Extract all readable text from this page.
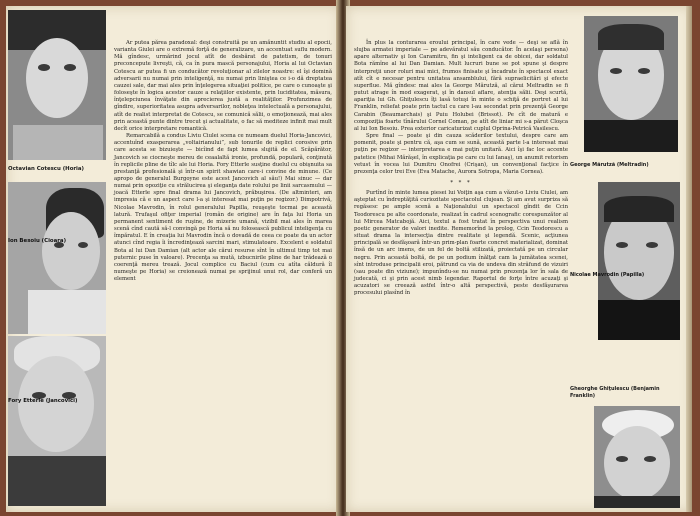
Octavian Cotescu (Horia)

Ar putea părea paradoxal: deşi construită pe un amănuntit studiu al epocii, varianta Giulei are o extremă forţă de generalizare, un accentuat suflu modern. Mă gîndesc, urmărind jocul atît de desbărat de patetism, de tonuri preconcepute livreşti, că, ca în pura mască personajului, Horia al lui Octavian Cotescu ar putea fi un conducător revoluţionar al zilelor noastre: el îşi domină adversarii nu numai prin inteligenţă, nu numai prin liniştea ce i-o dă dreptatea cauzei sale, dar mai ales prin înţelegerea situaţiei politice, pe care o cunoaşte şi foloseşte în logica acestor cauze a relaţiilor existente, prin luciditatea, măsura, înţelepciunea învăţate din aprecierea justă a realităţilor. Profunzimea de gîndire, superioritatea asupra adversarilor, nobleţea intelectuală a personajului, atît de realist interpretat de Cotescu, se comunică sălii, o emoţionează, mai ales prin această punte dintre trecut şi actualitate, o fac să mediteze infinit mai mult decît orice interpretare romantică.

Remarcabilă a condus Liviu Ciulei scena ce numeam duelul Horia-Jancovici, accentuînd exasperarea „voltairianului”, sub tonurile de replici corosive prin care acesta se bizuieşte — bicîind de fapt lumea slujită de el. Scăpărător, Jancovich se ciocneşte mereu de ceaalaltă ironie, profundă, populară, conţinută în replicile pline de tîlc ale lui Horia. Fory Etterle susţine duelul cu obişnuita sa prestanţă profesională şi într-un spirit shawian care-i convine de minune. (Ce apropo de generalul Burgoyne este acest Jancovich al său!) Mai sinuc — dar numai prin opoziţie cu strălucirea şi eleganţa date rolului pe linii sarcasmului — joacă Etterle spre final drama lui Jancovich, prăbuşirea. (De altminteri, am impresia că e un aspect care l-a şi interesat mai puţin pe regizor.) Dimpotrivă, Nicolae Mavrodin, în rolul generalului Papilla, reuşeşte tocmai pe această latură. Trufaşul ofiţer imperial (român de origine) are în faţa lui Horia un permanent sentiment de ruşine, de mizerie umană, vizibil mai ales în marea scenă cînd caută să-l convingă pe Horia să nu folosească publicul inteligenţa cu împăratul. E în creaţia lui Mavrodin încă o dovadă de ceea ce poate da un actor atunci cînd regia îi încredinţează sarcini mari, stimulatoare. Excelent e soldatul Bota al lui Dan Damian (alt actor ale cărui resurse sînt în ultimul timp tot mai puternic puse în valoare). Precenţa sa mută, izbucnirile pline de har trădează o coerenţă mereu trează. Jocul complice cu Baciul (cum cu atîta căldură îl numeşte pe Horia) se creionează numai pe sprijinul unui rol, dar conferă un element

În plus la conturarea eroului principal, în care vede — deşi se află în slujba armatei imperiale — pe adevăratul său conducător. În acelaşi persona) apare alternativ şi Ion Caramitru, fin şi inteligent ca de obicei, dar soldatul Bota rămîne al lui Dan Damian. Mult lucruri bune se pot spune şi despre interpreţii unor roluri mai mici, frumos finisate şi încadrate în spectacol exact atît cît e necesar pentru unitatea ansamblului, fără supraelicitări şi efecte superflue. Mă gîndesc mai ales la George Mărutză, al cărui Meltradin se fi putut atrage în mod exagerat, şi în dansul aflare, atenţia sălii. Deşi scurtă, apariţia lui Gh. Ghiţulescu îţi lasă totuşi în minte o schiţă de portret al lui Franklin, reliefat poate prin tactul cu care l-au secondat prin prezenţă George Carabin (Beaumarchais) şi Puiu Holubei (Brissot). Pe cît de matură e compoziţia foarte tînărului Cornel Coman, pe atît de liniar mi s-a părut Cloşca al lui Ion Besoiu. Prea exterior caricaturizat cuplul Oprina-Petrică Vasilescu.

Spre final — poate şi din cauza scăderilor textului, despre care am pomenit, poate şi pentru că, aşa cum se sună, această parte l-a interesat mai puţin pe regizor — interpretarea e mai puţin unitară. Aici îşi fac loc accente patetice (Mihai Mărăşel, în explicaţia pe care cu lui Ianaş), un anumit retorism vetust în vocea lui Dumitru Onofrei (Crişan), un convenţional facţice în prezenţa celor trei Eve (Eva Matache, Aurora Sotropa, Maria Cornea).

* * *

Purtînd în minte lumea piesei lui Voiţin aşa cum a văzut-o Liviu Ciulei, am aşteptat cu îndreptăţită curiozitate spectacolul clujean. Şi am avut surpriza să regăsesc pe ample scenă a Naţionalului un spectacol gîndit de Ccin Teodorescu pe alte coordonate, realizat în cadrul scenografic corespunzător al lui Mircea Matcabojă. Aici, textul a fost tratat în perspectiva unui realism poetic generator de valori inedite. Rememorînd la prolog, Ccin Teodorescu a situat drama la intersecţia dintre realitate şi legendă. Scenic, acţiunea principală se desfăşoară într-un prim-plan foarte concret materializat, dominat însă de un arc imens, de un fel de boltă stilizată, proiectată pe un circular negru. Prin această boltă, de pe un podium înălţat cam la jumătatea scenei, sînt introduse principalii eroi, pătrund ca via de undeva din străfund de vizuiri (sau poate din viziune); impunîndu-se nu numai prin prezenţa lor în sala de judecată, ci şi prin acest nimb legendar. Raportul de forţe între acuzaţi şi acuzatori se creează astfel într-o altă perspectivă, peste desfăşurarea procesului plasînd în

George Mărutză (Meltradin)
Gheorghe Ghiţulescu (Benjamin Franklin)
Ion Besoiu (Cioara)
Fory Etterle (Jancovici)
Nicolae Mavrodin (Papilla)
